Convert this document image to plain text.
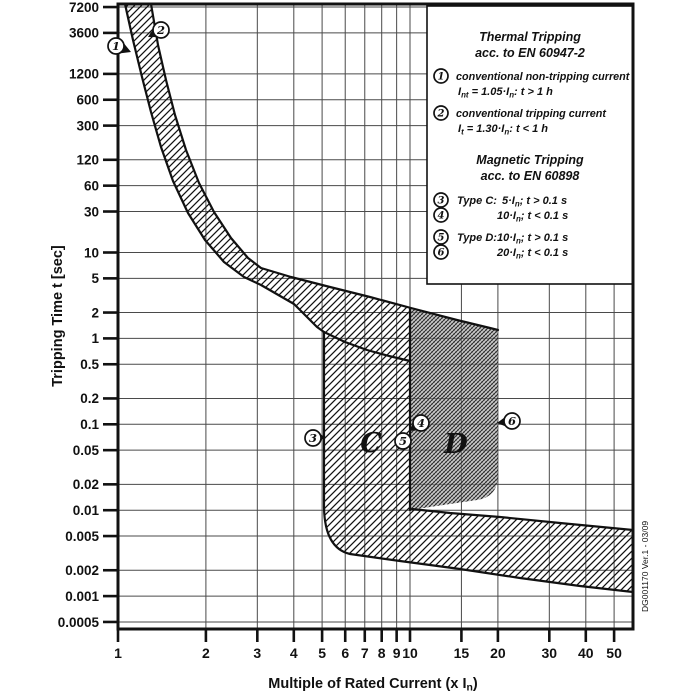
Thermal Tripping
acc. to EN 60947-2
Magnetic Tripping
acc. to EN 60898
1 conventional non-tripping current
$I_{nt} = 1.05\cdot I_n$: t > 1 h
2 conventional tripping current
$I_t = 1.30\cdot I_n$: t < 1 h
3 Type C: $5\cdot I_n$; t > 0.1 s
4	$10\cdot I_n$; t < 0.1 s
5 Type D: $10\cdot I_n$; t > 0.1 s
6	$20\cdot I_n$; t < 0.1 s
1	2	3 4 5 6 7 8 9 10	15 20	30 40 50
7200
3600
1200
600
300
120
60
30
10
5
2
1
0.5
0.2
0.1
0.05
0.02
0.01
0.005
0.002
0.001
0.0005
1
2
3
4
5
6
C D
Tripping Time t [sec]
DG001170 Ver.1 - 03/09
Multiple of Rated Current (x In)
